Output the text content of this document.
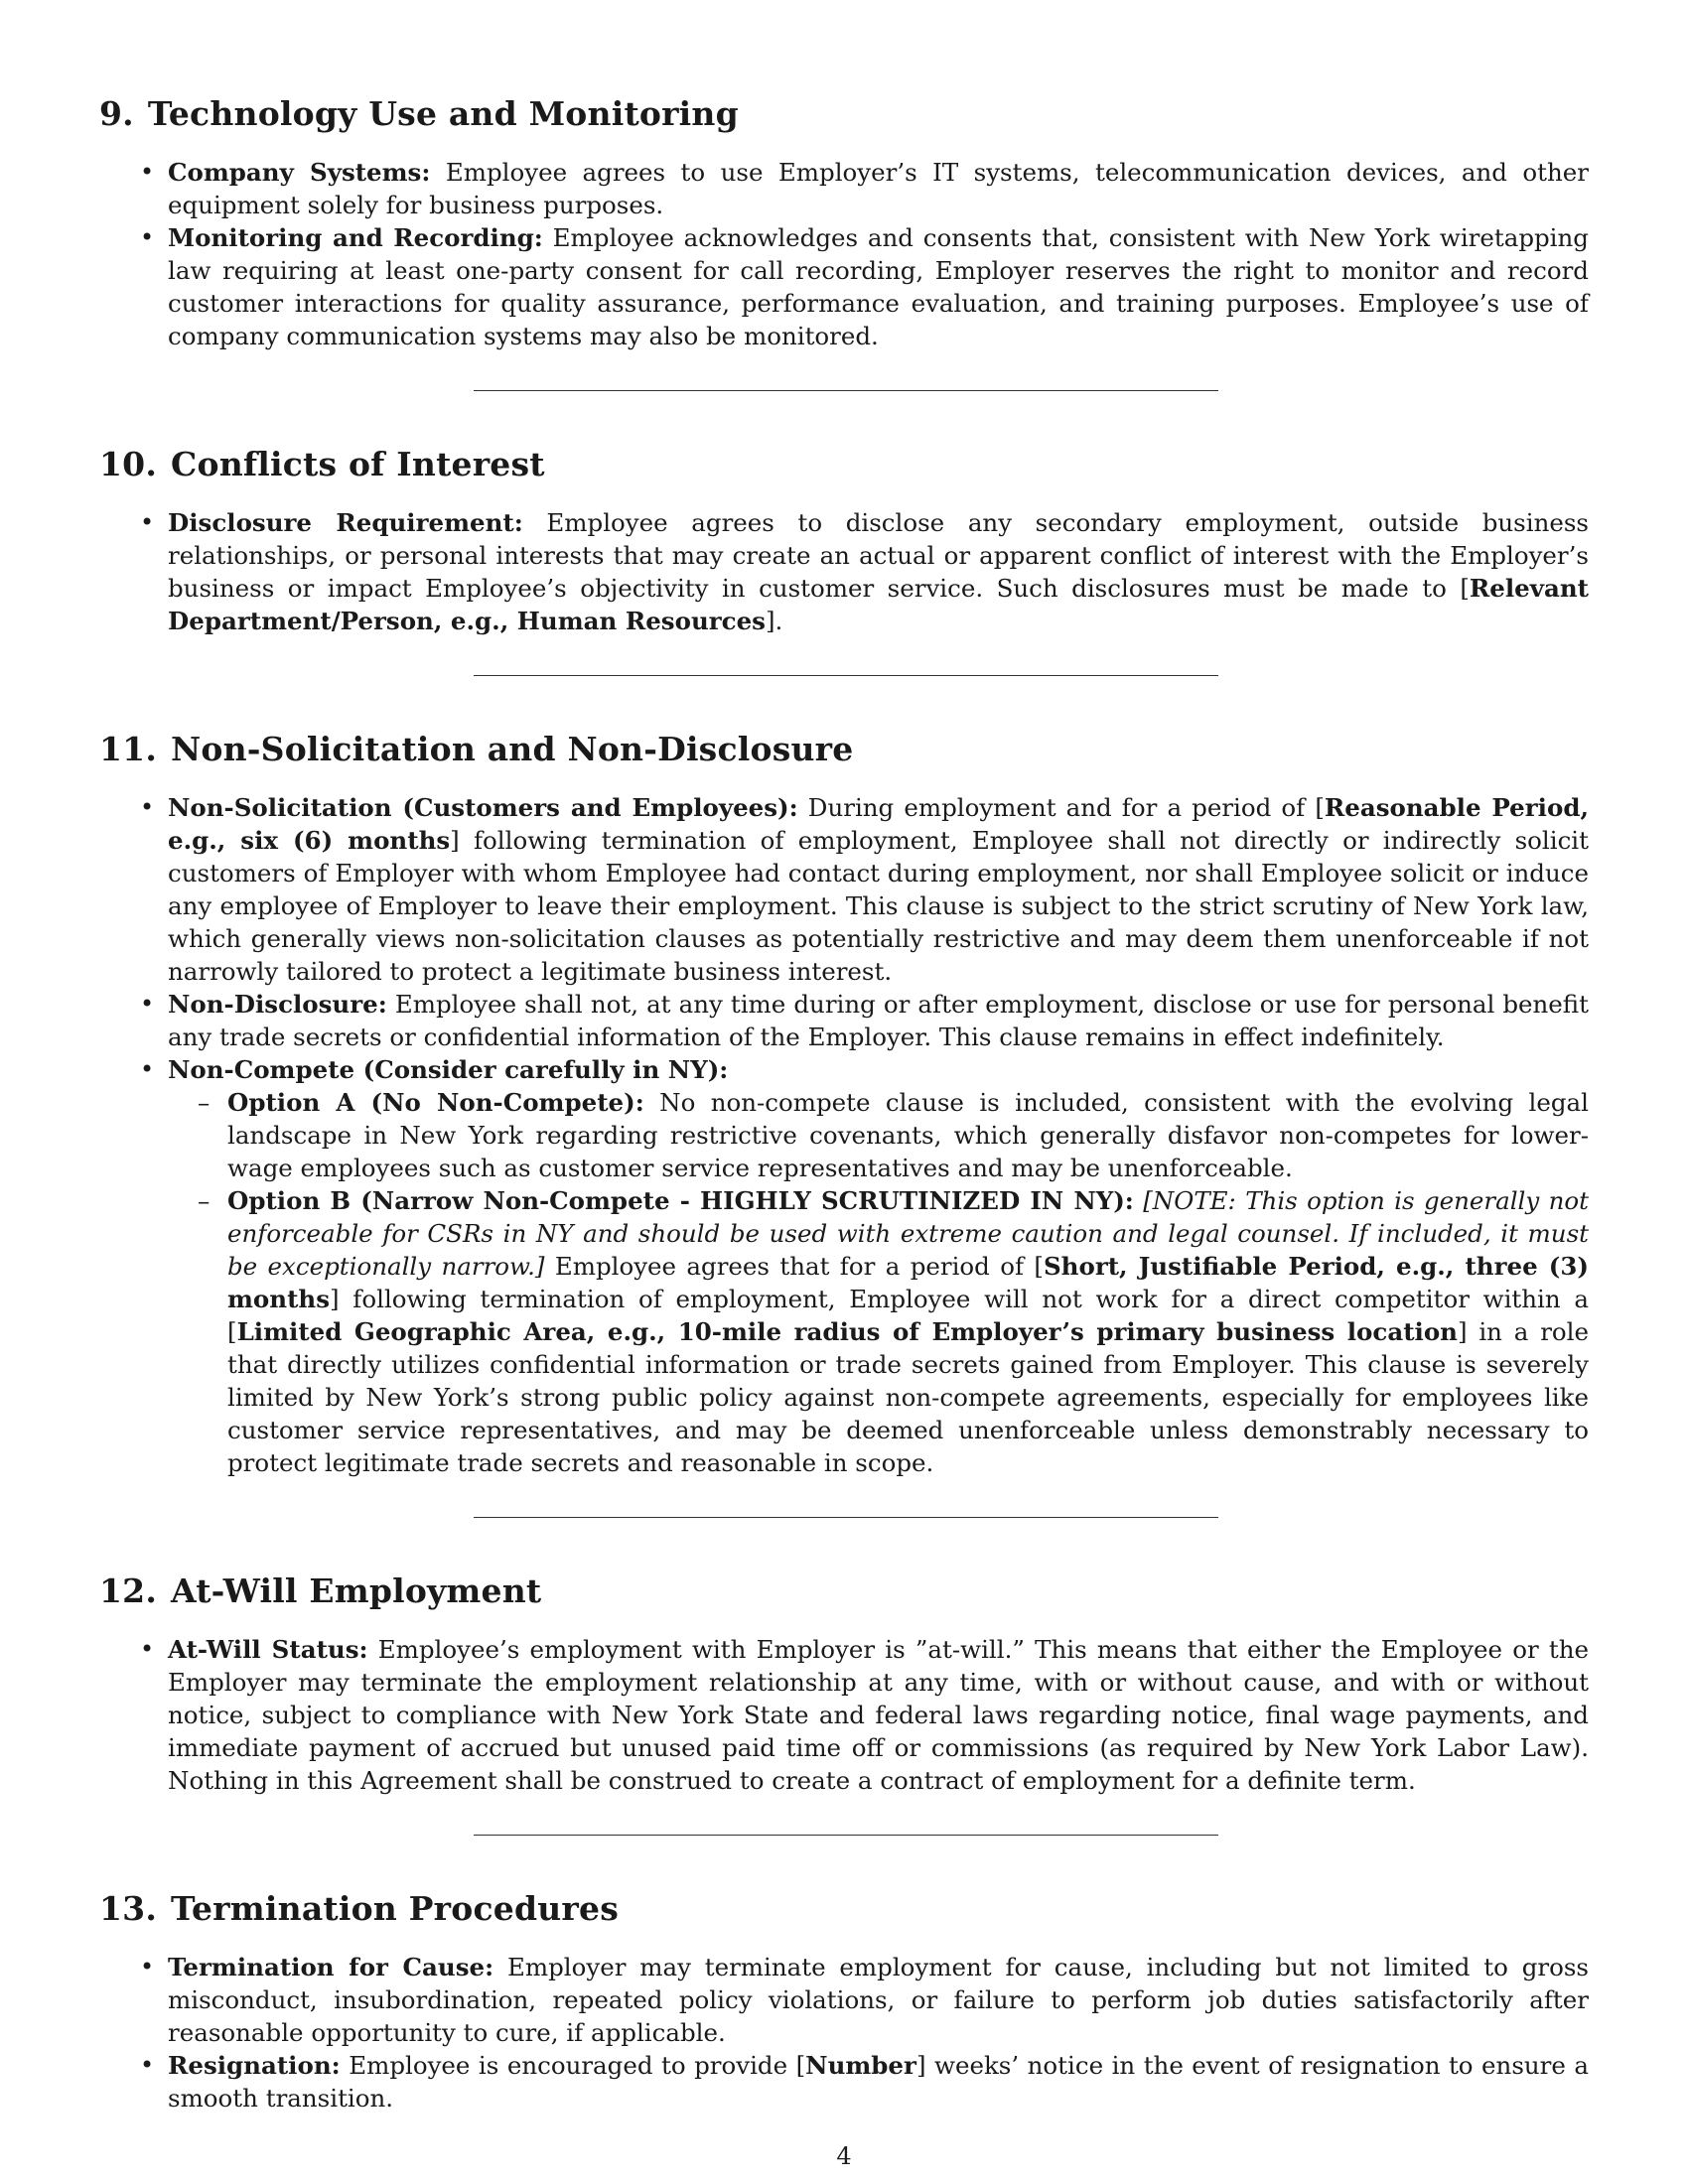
9. Technology Use and Monitoring
• Company Systems: Employee agrees to use Employer’s IT systems, telecommunication devices, and other equipment solely for business purposes.
• Monitoring and Recording: Employee acknowledges and consents that, consistent with New York wiretapping law requiring at least one-party consent for call recording, Employer reserves the right to monitor and record customer interactions for quality assurance, performance evaluation, and training purposes. Employee’s use of company communication systems may also be monitored.
10. Conflicts of Interest
• Disclosure Requirement: Employee agrees to disclose any secondary employment, outside business relationships, or personal interests that may create an actual or apparent conflict of interest with the Employer’s business or impact Employee’s objectivity in customer service. Such disclosures must be made to [Relevant Department/Person, e.g., Human Resources].
11. Non-Solicitation and Non-Disclosure
• Non-Solicitation (Customers and Employees): During employment and for a period of [Reasonable Period, e.g., six (6) months] following termination of employment, Employee shall not directly or indirectly solicit customers of Employer with whom Employee had contact during employment, nor shall Employee solicit or induce any employee of Employer to leave their employment. This clause is subject to the strict scrutiny of New York law, which generally views non-solicitation clauses as potentially restrictive and may deem them unenforceable if not narrowly tailored to protect a legitimate business interest.
• Non-Disclosure: Employee shall not, at any time during or after employment, disclose or use for personal benefit any trade secrets or confidential information of the Employer. This clause remains in effect indefinitely.
• Non-Compete (Consider carefully in NY):
– Option A (No Non-Compete): No non-compete clause is included, consistent with the evolving legal landscape in New York regarding restrictive covenants, which generally disfavor non-competes for lower-wage employees such as customer service representatives and may be unenforceable.
– Option B (Narrow Non-Compete - HIGHLY SCRUTINIZED IN NY): [NOTE: This option is generally not enforceable for CSRs in NY and should be used with extreme caution and legal counsel. If included, it must be exceptionally narrow.] Employee agrees that for a period of [Short, Justifiable Period, e.g., three (3) months] following termination of employment, Employee will not work for a direct competitor within a [Limited Geographic Area, e.g., 10-mile radius of Employer’s primary business location] in a role that directly utilizes confidential information or trade secrets gained from Employer. This clause is severely limited by New York’s strong public policy against non-compete agreements, especially for employees like customer service representatives, and may be deemed unenforceable unless demonstrably necessary to protect legitimate trade secrets and reasonable in scope.
12. At-Will Employment
• At-Will Status: Employee’s employment with Employer is ”at-will.” This means that either the Employee or the Employer may terminate the employment relationship at any time, with or without cause, and with or without notice, subject to compliance with New York State and federal laws regarding notice, final wage payments, and immediate payment of accrued but unused paid time off or commissions (as required by New York Labor Law). Nothing in this Agreement shall be construed to create a contract of employment for a definite term.
13. Termination Procedures
• Termination for Cause: Employer may terminate employment for cause, including but not limited to gross misconduct, insubordination, repeated policy violations, or failure to perform job duties satisfactorily after reasonable opportunity to cure, if applicable.
• Resignation: Employee is encouraged to provide [Number] weeks’ notice in the event of resignation to ensure a smooth transition.
4
